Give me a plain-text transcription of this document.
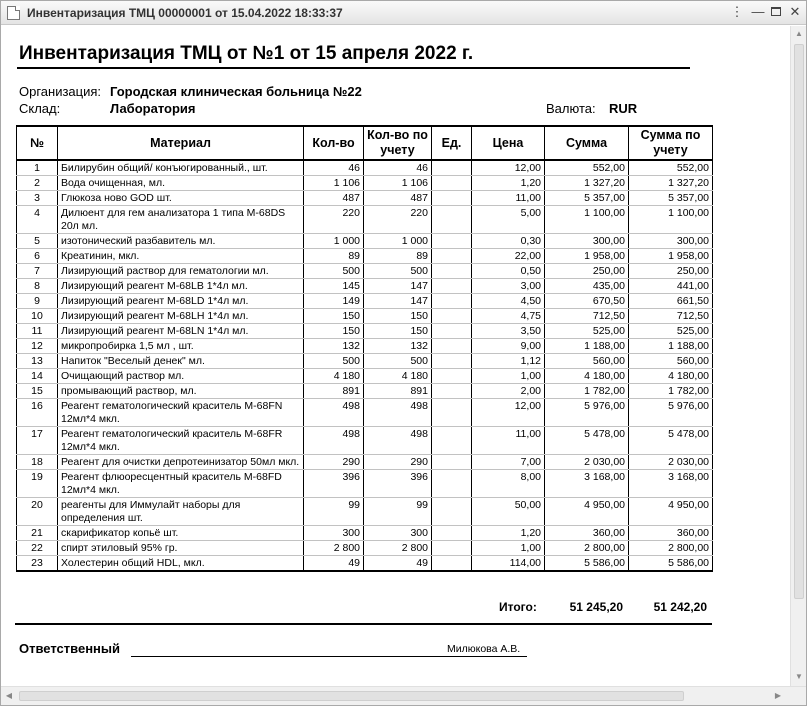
Инвентаризация ТМЦ 00000001 от 15.04.2022 18:33:37	⋮ — ✕
Инвентаризация ТМЦ от №1 от 15 апреля 2022 г.
Организация: Городская клиническая больница №22
Склад:	Лаборатория	Валюта: RUR
№	Материал	Кол-во	Кол-во по учету	Ед.	Цена	Сумма	Сумма по учету
1	Билирубин общий/ конъюгированный., шт.	46	46		12,00	552,00	552,00
2	Вода очищенная, мл.	1 106	1 106		1,20	1 327,20	1 327,20
3	Глюкоза ново GOD шт.	487	487		11,00	5 357,00	5 357,00
4	Дилюент для гем анализатора 1 типа M-68DS 20л мл.	220	220		5,00	1 100,00	1 100,00
5	изотонический разбавитель мл.	1 000	1 000		0,30	300,00	300,00
6	Креатинин, мкл.	89	89		22,00	1 958,00	1 958,00
7	Лизирующий раствор для гематологии мл.	500	500		0,50	250,00	250,00
8	Лизирующий реагент M-68LB 1*4л мл.	145	147		3,00	435,00	441,00
9	Лизирующий реагент M-68LD 1*4л мл.	149	147		4,50	670,50	661,50
10	Лизирующий реагент M-68LH 1*4л мл.	150	150		4,75	712,50	712,50
11	Лизирующий реагент M-68LN 1*4л мл.	150	150		3,50	525,00	525,00
12	микропробирка 1,5 мл , шт.	132	132		9,00	1 188,00	1 188,00
13	Напиток "Веселый денек" мл.	500	500		1,12	560,00	560,00
14	Очищающий раствор мл.	4 180	4 180		1,00	4 180,00	4 180,00
15	промывающий раствор, мл.	891	891		2,00	1 782,00	1 782,00
16	Реагент гематологический краситель M-68FN 12мл*4 мкл.	498	498		12,00	5 976,00	5 976,00
17	Реагент гематологический краситель M-68FR 12мл*4 мкл.	498	498		11,00	5 478,00	5 478,00
18	Реагент для очистки депротеинизатор 50мл мкл.	290	290		7,00	2 030,00	2 030,00
19	Реагент флюоресцентный краситель M-68FD 12мл*4 мкл.	396	396		8,00	3 168,00	3 168,00
20	реагенты для Иммулайт наборы для определения шт.	99	99		50,00	4 950,00	4 950,00
21	скарификатор копьё шт.	300	300		1,20	360,00	360,00
22	спирт этиловый 95% гр.	2 800	2 800		1,00	2 800,00	2 800,00
23	Холестерин общий HDL, мкл.	49	49		114,00	5 586,00	5 586,00
Итого:	51 245,20	51 242,20
Ответственный	Милюкова А.В.
▲
▼
◀	▶
